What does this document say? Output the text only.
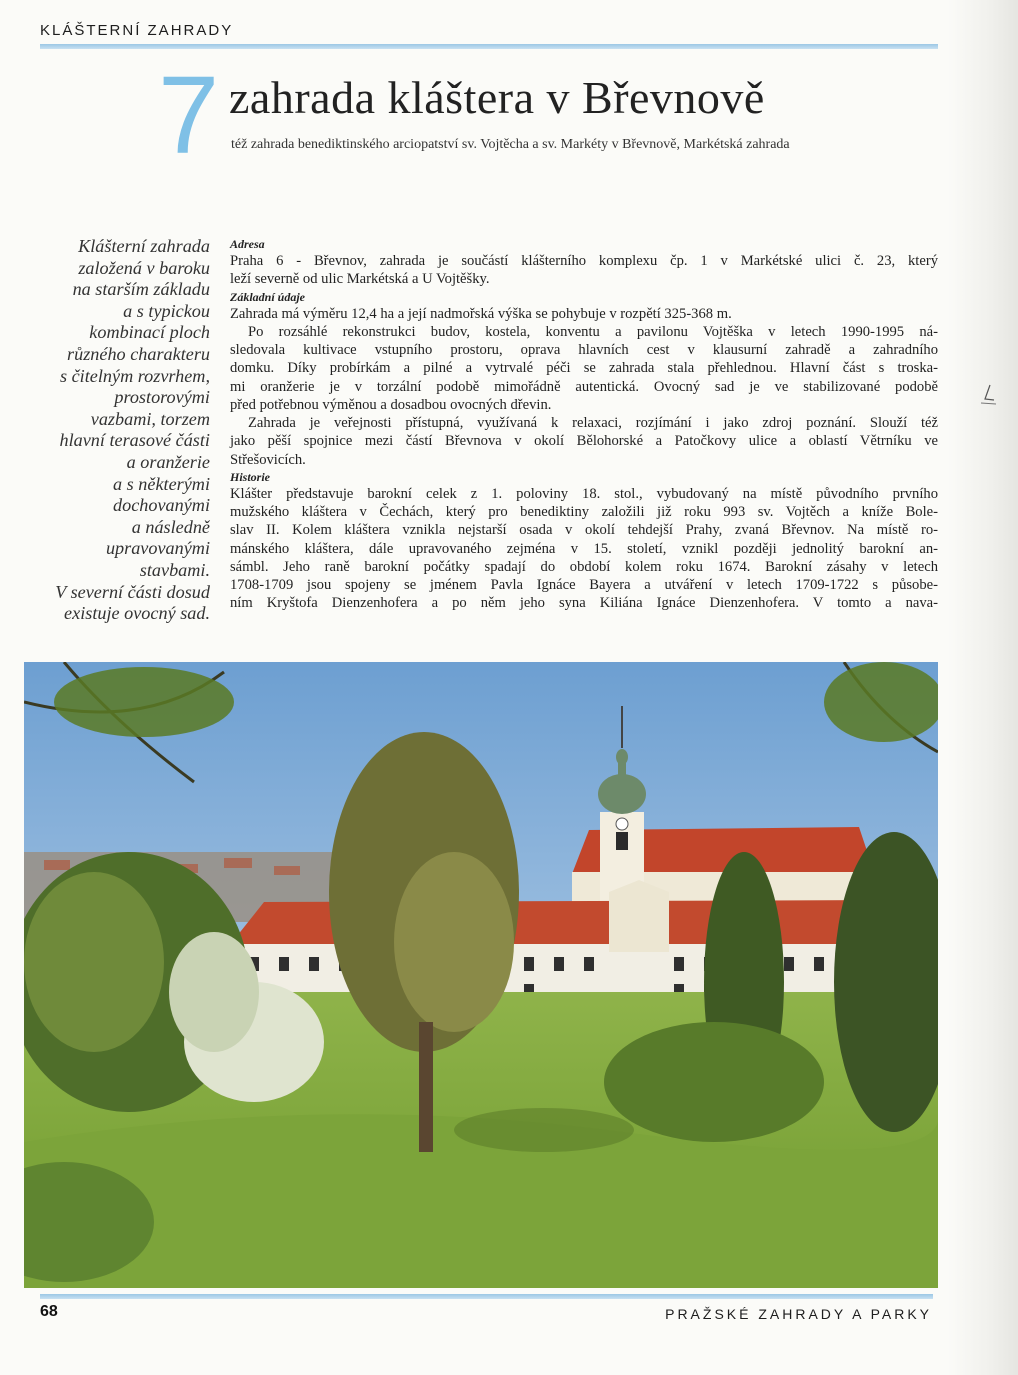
KLÁŠTERNÍ ZAHRADY
7 zahrada kláštera v Břevnově
též zahrada benediktinského arciopatství sv. Vojtěcha a sv. Markéty v Břevnově, Markétská zahrada
Klášterní zahrada
založená v baroku
na starším základu
a s typickou
kombinací ploch
různého charakteru
s čitelným rozvrhem,
prostorovými
vazbami, torzem
hlavní terasové části
a oranžerie
a s některými
dochovanými
a následně
upravovanými
stavbami.
V severní části dosud
existuje ovocný sad.
Adresa
Praha 6 - Břevnov, zahrada je součástí klášterního komplexu čp. 1 v Markétské ulici č. 23, který
leží severně od ulic Markétská a U Vojtěšky.
Základní údaje
Zahrada má výměru 12,4 ha a její nadmořská výška se pohybuje v rozpětí 325-368 m.
Po rozsáhlé rekonstrukci budov, kostela, konventu a pavilonu Vojtěška v letech 1990-1995 ná-
sledovala kultivace vstupního prostoru, oprava hlavních cest v klausurní zahradě a zahradního
domku. Díky probírkám a pilné a vytrvalé péči se zahrada stala přehlednou. Hlavní část s troska-
mi oranžerie je v torzální podobě mimořádně autentická. Ovocný sad je ve stabilizované podobě
před potřebnou výměnou a dosadbou ovocných dřevin.
Zahrada je veřejnosti přístupná, využívaná k relaxaci, rozjímání i jako zdroj poznání. Slouží též
jako pěší spojnice mezi částí Břevnova v okolí Bělohorské a Patočkovy ulice a oblastí Větrníku ve
Střešovicích.
Historie
Klášter představuje barokní celek z 1. poloviny 18. stol., vybudovaný na místě původního prvního
mužského kláštera v Čechách, který pro benediktiny založili již roku 993 sv. Vojtěch a kníže Bole-
slav II. Kolem kláštera vznikla nejstarší osada v okolí tehdejší Prahy, zvaná Břevnov. Na místě ro-
mánského kláštera, dále upravovaného zejména v 15. století, vznikl později jednolitý barokní an-
sámbl. Jeho raně barokní počátky spadají do období kolem roku 1674. Barokní zásahy v letech
1708-1709 jsou spojeny se jménem Pavla Ignáce Bayera a utváření v letech 1709-1722 s působe-
ním Kryštofa Dienzenhofera a po něm jeho syna Kiliána Ignáce Dienzenhofera. V tomto a nava-
68	PRAŽSKÉ ZAHRADY A PARKY
